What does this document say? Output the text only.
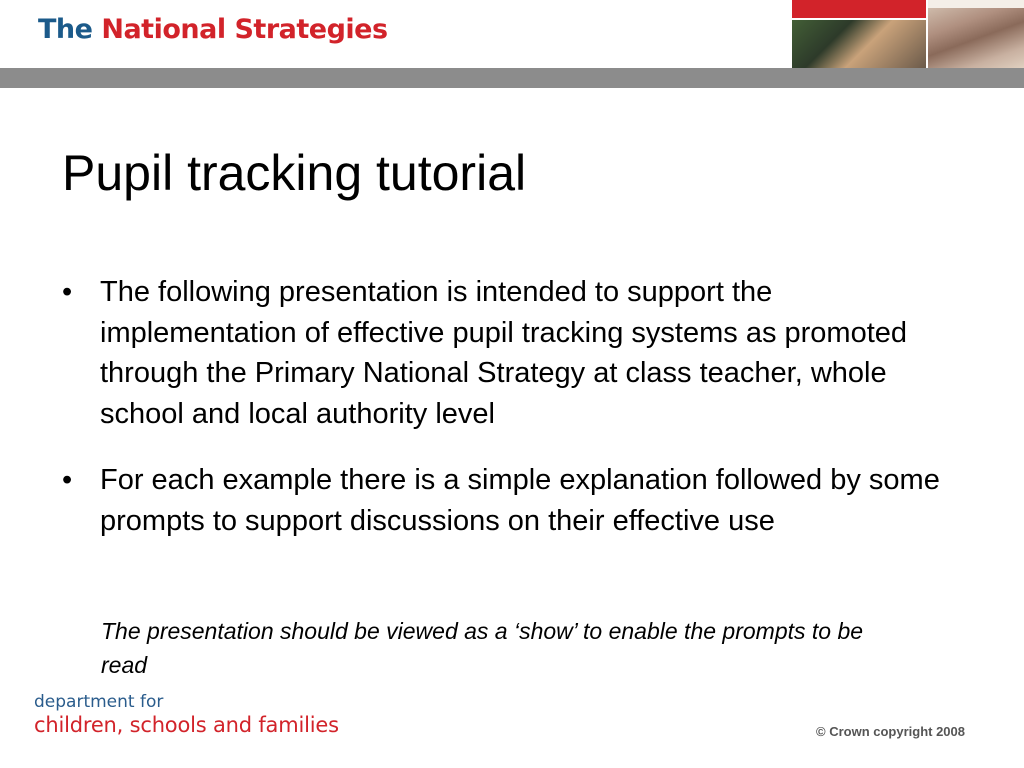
The National Strategies
Pupil tracking tutorial
• The following presentation is intended to support the implementation of effective pupil tracking systems as promoted through the Primary National Strategy at class teacher, whole school and local authority level
• For each example there is a simple explanation followed by some prompts to support discussions on their effective use
The presentation should be viewed as a ‘show’ to enable the prompts to be read
department for
children, schools and families	© Crown copyright 2008
